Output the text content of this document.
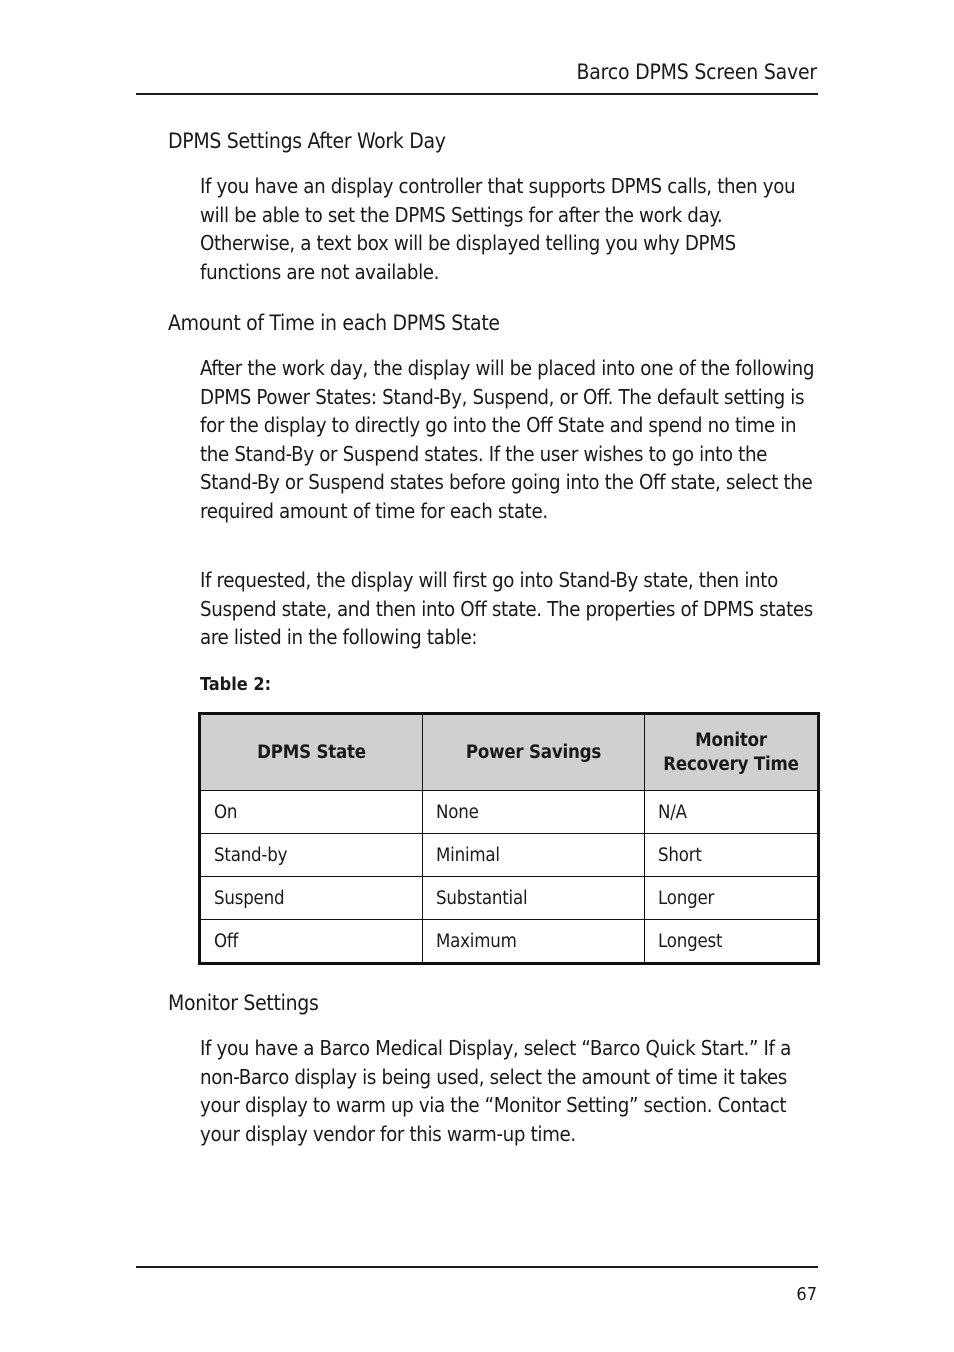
Barco DPMS Screen Saver
DPMS Settings After Work Day

If you have an display controller that supports DPMS calls, then you will be able to set the DPMS Settings for after the work day. Otherwise, a text box will be displayed telling you why DPMS functions are not available.

Amount of Time in each DPMS State

After the work day, the display will be placed into one of the following DPMS Power States: Stand-By, Suspend, or Off. The default setting is for the display to directly go into the Off State and spend no time in the Stand-By or Suspend states. If the user wishes to go into the Stand-By or Suspend states before going into the Off state, select the required amount of time for each state.

If requested, the display will first go into Stand-By state, then into Suspend state, and then into Off state. The properties of DPMS states are listed in the following table:

Table 2:
DPMS State	Power Savings	Monitor Recovery Time
On	None	N/A
Stand-by	Minimal	Short
Suspend	Substantial	Longer
Off	Maximum	Longest
Monitor Settings

If you have a Barco Medical Display, select “Barco Quick Start.” If a non-Barco display is being used, select the amount of time it takes your display to warm up via the “Monitor Setting” section. Contact your display vendor for this warm-up time.

67
